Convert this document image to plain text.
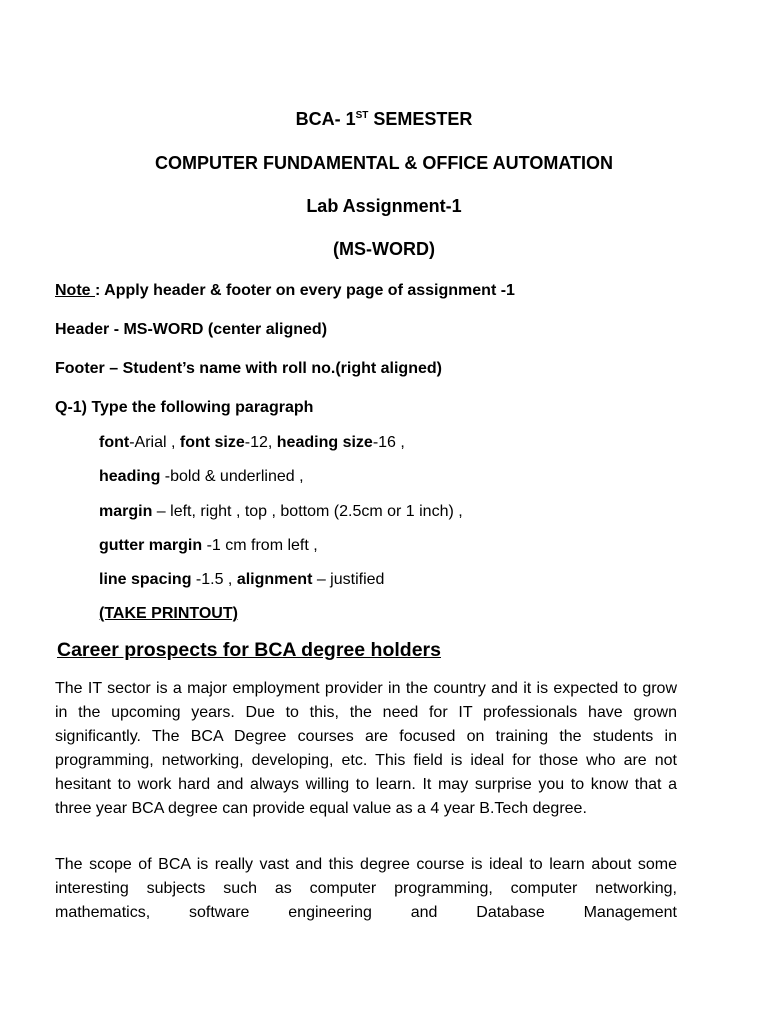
BCA- 1ST SEMESTER
COMPUTER FUNDAMENTAL & OFFICE AUTOMATION
Lab Assignment-1
(MS-WORD)
Note : Apply header & footer on every page of assignment -1
Header - MS-WORD (center aligned)
Footer – Student’s name with roll no.(right aligned)
Q-1) Type the following paragraph
font-Arial , font size-12, heading size-16 ,
heading -bold & underlined ,
margin – left, right , top , bottom (2.5cm or 1 inch) ,
gutter margin -1 cm from left ,
line spacing -1.5 , alignment – justified
(TAKE PRINTOUT)
Career prospects for BCA degree holders

The IT sector is a major employment provider in the country and it is expected to grow in the upcoming years. Due to this, the need for IT professionals have grown significantly. The BCA Degree courses are focused on training the students in programming, networking, developing, etc. This field is ideal for those who are not hesitant to work hard and always willing to learn. It may surprise you to know that a three year BCA degree can provide equal value as a 4 year B.Tech degree.

The scope of BCA is really vast and this degree course is ideal to learn about some interesting subjects such as computer programming, computer networking, mathematics, software engineering and Database Management
